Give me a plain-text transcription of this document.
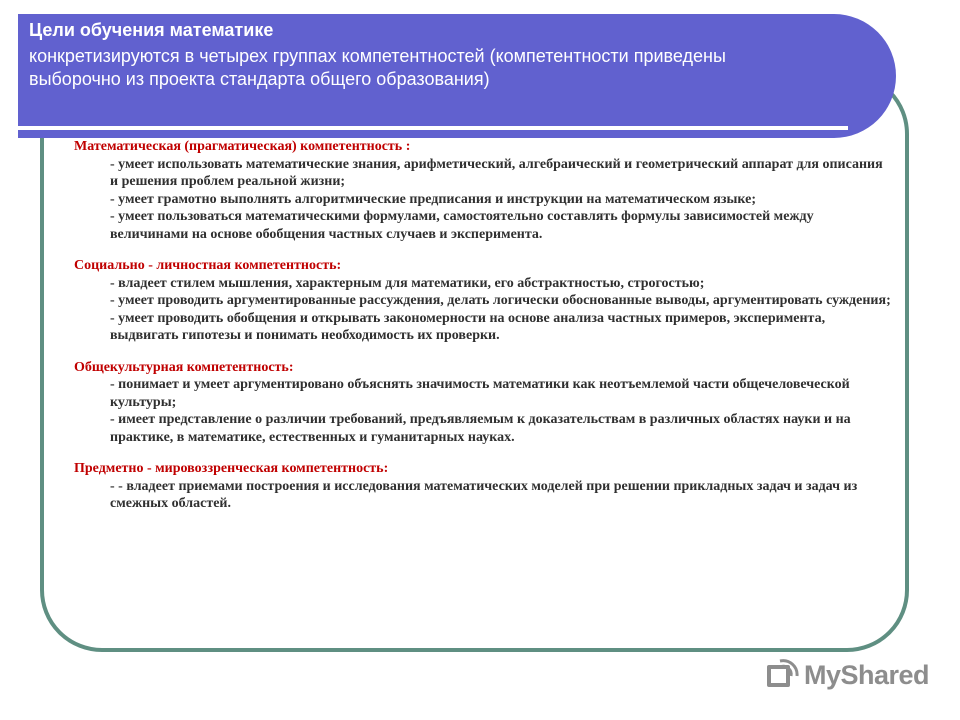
Цели обучения математике
конкретизируются в четырех группах компетентностей (компетентности приведены выборочно из проекта стандарта общего образования)
Математическая (прагматическая) компетентность :
- умеет использовать математические знания, арифметический, алгебраический и геометрический аппарат для описания и решения проблем реальной жизни;
- умеет грамотно выполнять алгоритмические предписания и инструкции на математическом языке;
- умеет пользоваться математическими формулами, самостоятельно составлять формулы зависимостей между величинами на основе обобщения частных случаев и эксперимента.
Социально - личностная компетентность:
- владеет стилем мышления, характерным для математики, его абстрактностью, строгостью;
- умеет проводить аргументированные рассуждения, делать логически обоснованные выводы, аргументировать суждения;
- умеет проводить обобщения и открывать закономерности на основе анализа частных примеров, эксперимента, выдвигать гипотезы и понимать необходимость их проверки.
Общекультурная компетентность:
- понимает и умеет аргументировано объяснять значимость математики как неотъемлемой части общечеловеческой культуры;
- имеет представление о различии требований, предъявляемым к доказательствам в различных областях науки и на практике, в математике, естественных и гуманитарных науках.
Предметно - мировоззренческая компетентность:
- - владеет приемами построения и исследования математических моделей при решении прикладных задач и задач из смежных областей.
MyShared
